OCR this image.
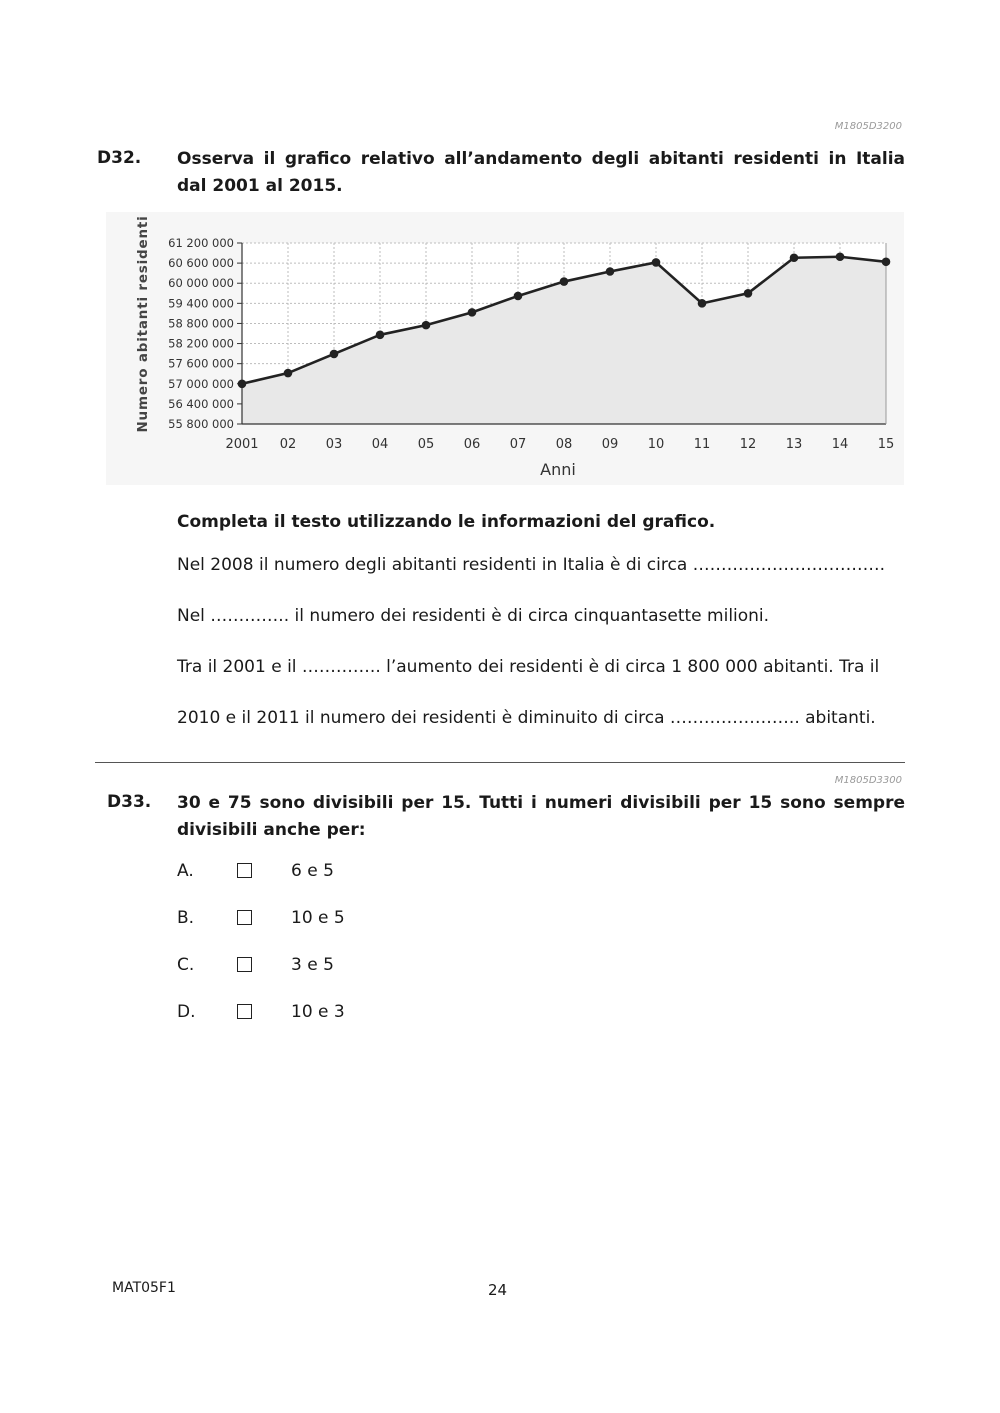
M1805D3200
D32. Osserva il grafico relativo all’andamento degli abitanti residenti in Italia dal 2001 al 2015.
55 800 000
56 400 000
57 000 000
57 600 000
58 200 000
58 800 000
59 400 000
60 000 000
60 600 000
61 200 000
2001 02 03 04 05 06 07 08 09 10 11 12 13 14 15
Anni
Numero abitanti residenti
Completa il testo utilizzando le informazioni del grafico.
Nel 2008 il numero degli abitanti residenti in Italia è di circa …………………………….
Nel ………….. il numero dei residenti è di circa cinquantasette milioni.
Tra il 2001 e il ………….. l’aumento dei residenti è di circa 1 800 000 abitanti. Tra il
2010 e il 2011 il numero dei residenti è diminuito di circa ………………….. abitanti.
M1805D3300
D33. 30 e 75 sono divisibili per 15. Tutti i numeri divisibili per 15 sono sempre divisibili anche per:
A.	6 e 5
B.	10 e 5
C.	3 e 5
D.	10 e 3
MAT05F1	24
